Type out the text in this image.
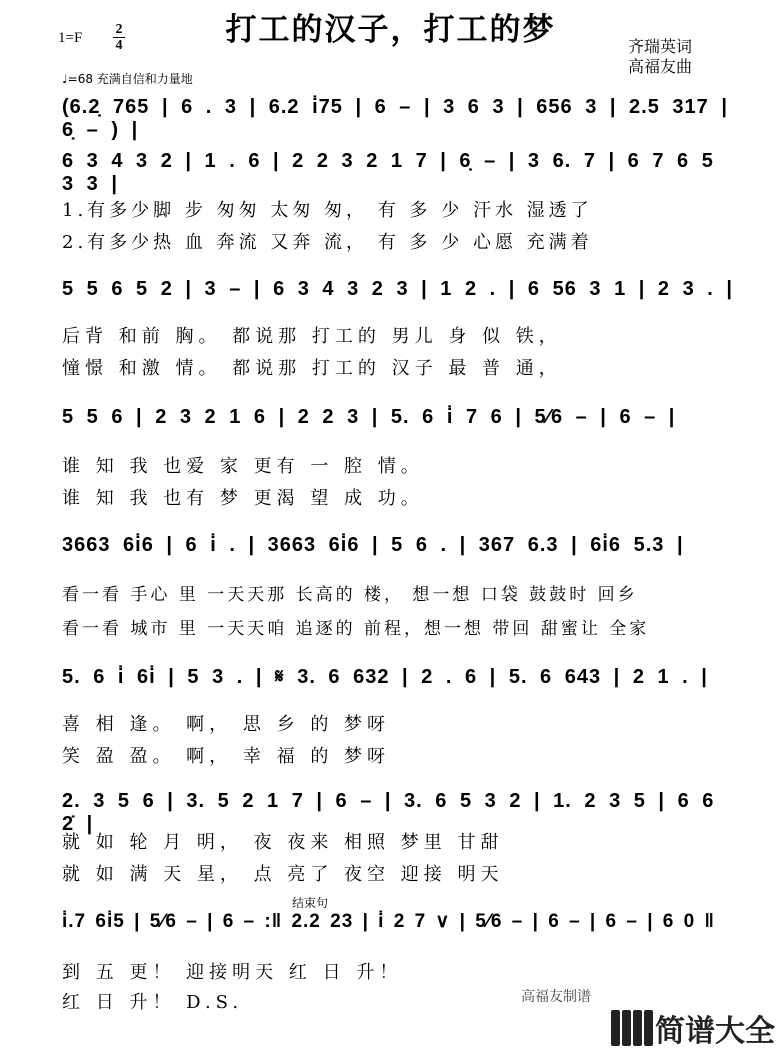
打工的汉子，打工的梦
1=F
2
4	齐瑞英词
高福友曲
♩=68 充满自信和力量地
(6.2̣ 765 | 6 . 3 | 6.2 i̇75 | 6 – | 3 6 3 | 656 3 | 2.5 317 | 6̣ – ) |
6 3 4 3 2 | 1 . 6 | 2 2 3 2 1 7 | 6̣ – | 3 6. 7 | 6 7 6 5 3 3 |
1.有多少脚 步 匆匆 太匆 匆， 有 多 少 汗水 湿透了
2.有多少热 血 奔流 又奔 流， 有 多 少 心愿 充满着
5 5 6 5 2 | 3 – | 6 3 4 3 2 3 | 1 2 . | 6 56 3 1 | 2 3 . |
后背 和前 胸。 都说那 打工的 男儿 身 似 铁，
憧憬 和激 情。 都说那 打工的 汉子 最 普 通，
5 5 6 | 2 3 2 1 6 | 2 2 3 | 5. 6 i̇ 7 6 | 5⁄6 – | 6 – |
谁 知 我 也爱 家 更有 一 腔 情。
谁 知 我 也有 梦 更渴 望 成 功。
3663 6i̇6 | 6 i̇ . | 3663 6i̇6 | 5 6 . | 367 6.3 | 6i̇6 5.3 |
看一看 手心 里 一天天那 长高的 楼， 想一想 口袋 鼓鼓时 回乡
看一看 城市 里 一天天咱 追逐的 前程，想一想 带回 甜蜜让 全家
5. 6 i̇ 6i̇ | 5 3 . | 𝄋 3. 6 632 | 2 . 6 | 5. 6 643 | 2 1 . |
喜 相 逢。 啊， 思 乡 的 梦呀
笑 盈 盈。 啊， 幸 福 的 梦呀
2. 3 5 6 | 3. 5 2 1 7 | 6 – | 3. 6 5 3 2 | 1. 2 3 5 | 6 6 2̇ |
就 如 轮 月 明， 夜 夜来 相照 梦里 甘甜
就 如 满 天 星， 点 亮了 夜空 迎接 明天
结束句
i̇.7 6i̇5 | 5⁄6 – | 6 – :‖ 2.2 23 | i̇ 2 7 ∨ | 5⁄6 – | 6 – | 6 – | 6 0 ‖
到 五 更！ 迎接明天 红 日 升！
红 日 升！ D.S.	高福友制谱
简谱大全
